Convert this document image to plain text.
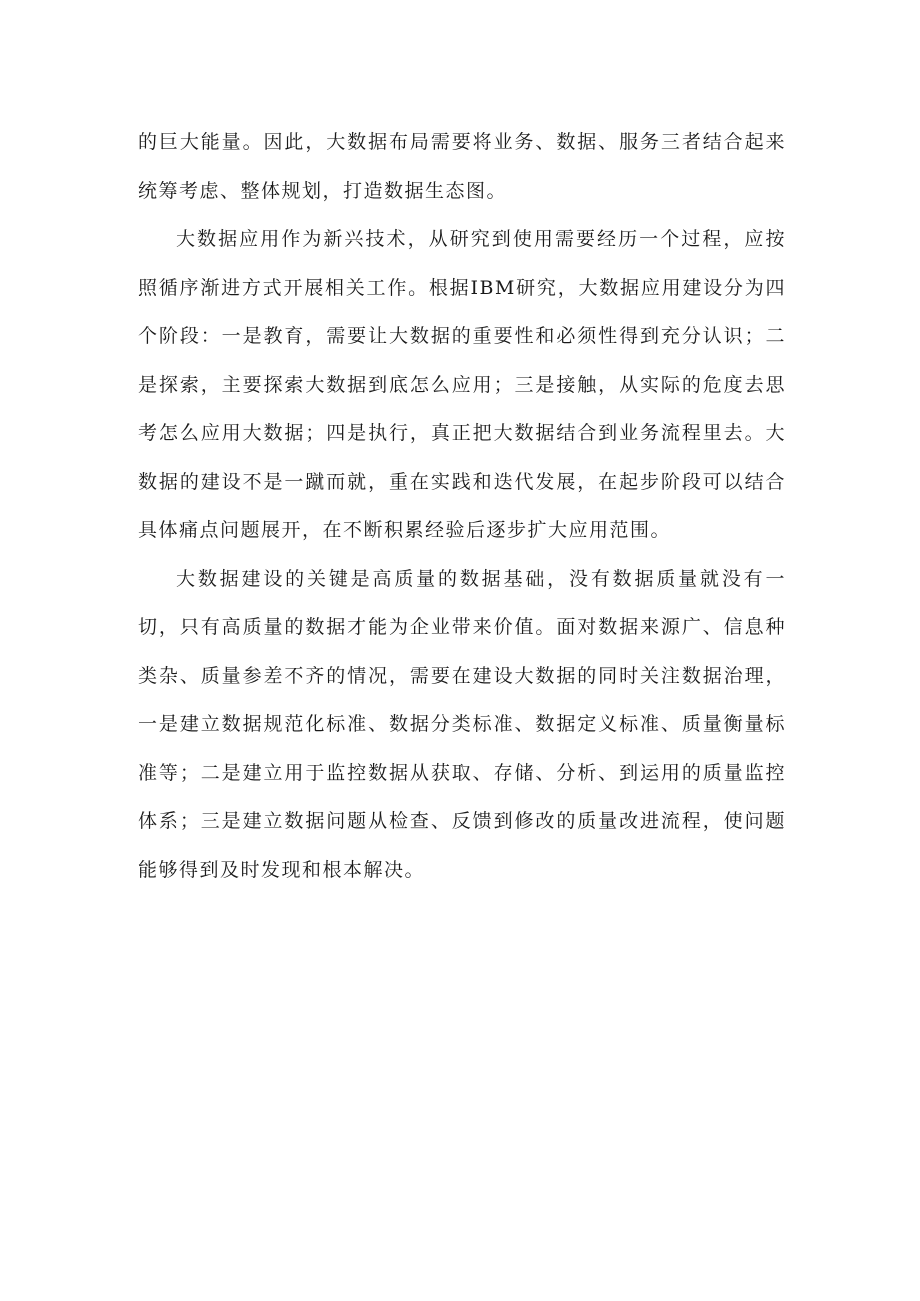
的巨大能量。因此，大数据布局需要将业务、数据、服务三者结合起来统筹考虑、整体规划，打造数据生态图。

大数据应用作为新兴技术，从研究到使用需要经历一个过程，应按照循序渐进方式开展相关工作。根据IBM研究，大数据应用建设分为四个阶段：一是教育，需要让大数据的重要性和必须性得到充分认识；二是探索，主要探索大数据到底怎么应用；三是接触，从实际的危度去思考怎么应用大数据；四是执行，真正把大数据结合到业务流程里去。大数据的建设不是一蹴而就，重在实践和迭代发展，在起步阶段可以结合具体痛点问题展开，在不断积累经验后逐步扩大应用范围。

大数据建设的关键是高质量的数据基础，没有数据质量就没有一切，只有高质量的数据才能为企业带来价值。面对数据来源广、信息种类杂、质量参差不齐的情况，需要在建设大数据的同时关注数据治理，一是建立数据规范化标准、数据分类标准、数据定义标准、质量衡量标准等；二是建立用于监控数据从获取、存储、分析、到运用的质量监控体系；三是建立数据问题从检查、反馈到修改的质量改进流程，使问题能够得到及时发现和根本解决。
